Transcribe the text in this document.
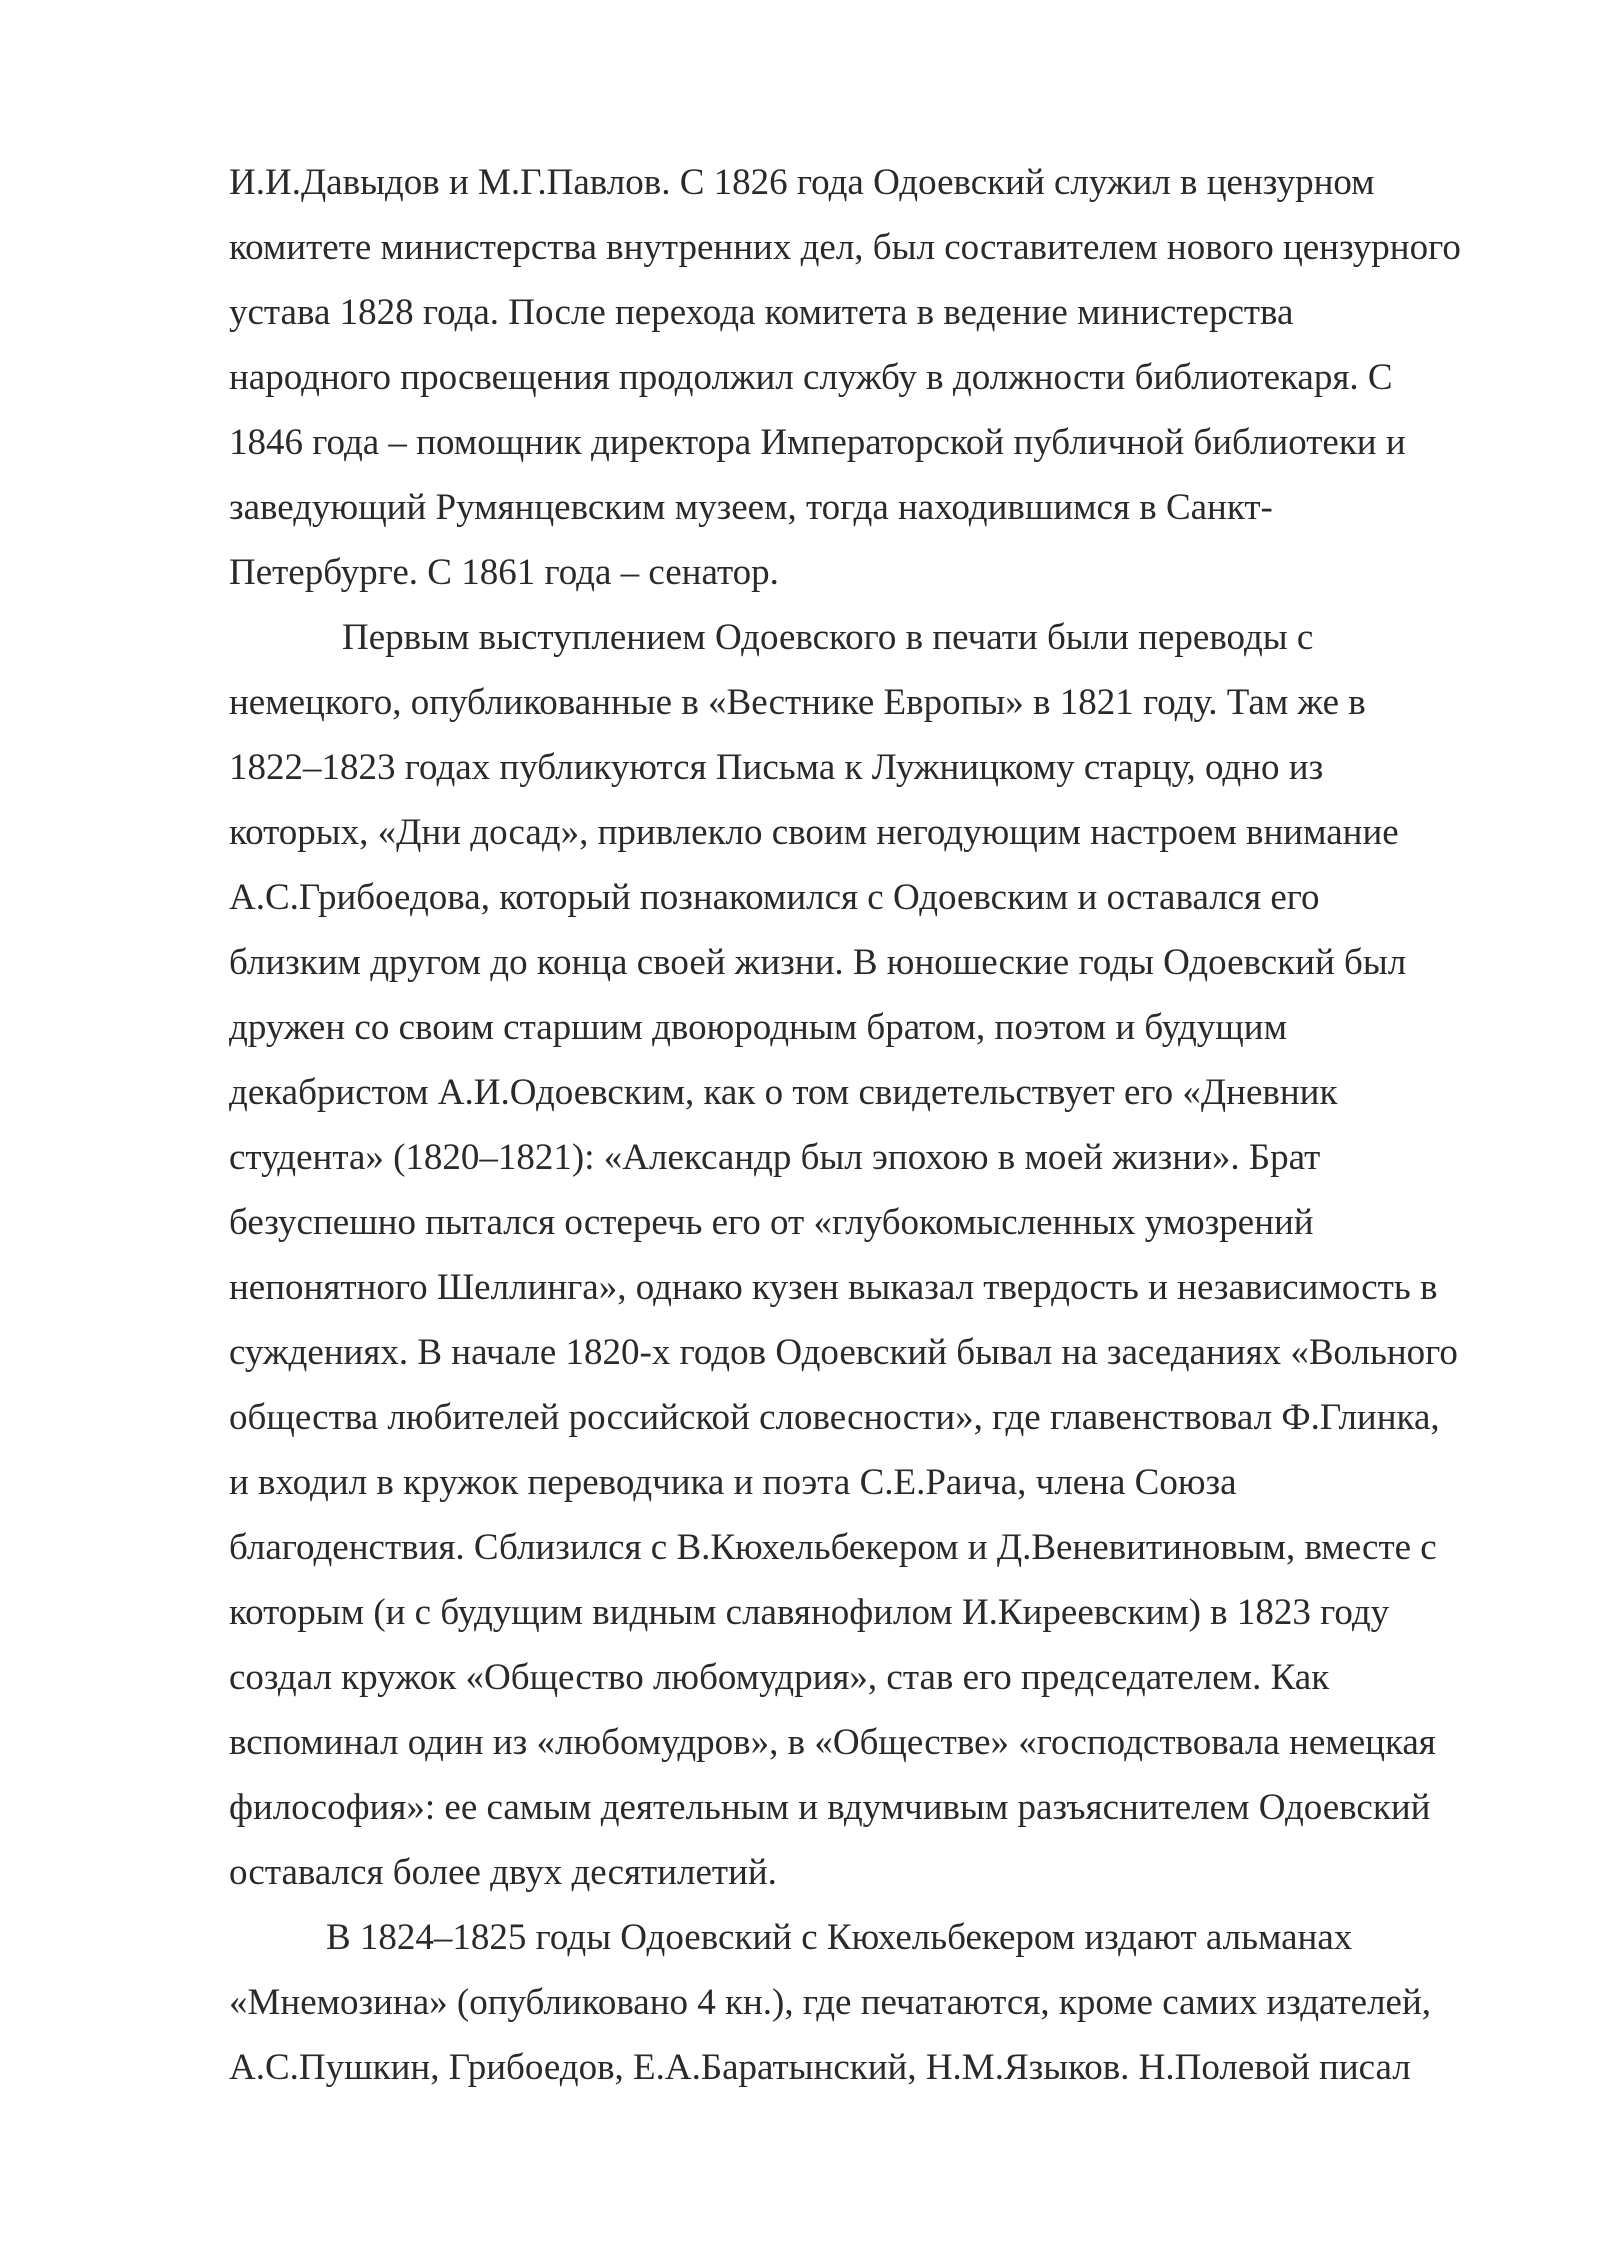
И.И.Давыдов и М.Г.Павлов. С 1826 года Одоевский служил в цензурном
комитете министерства внутренних дел, был составителем нового цензурного
устава 1828 года. После перехода комитета в ведение министерства
народного просвещения продолжил службу в должности библиотекаря. С
1846 года – помощник директора Императорской публичной библиотеки и
заведующий Румянцевским музеем, тогда находившимся в Санкт-
Петербурге. С 1861 года – сенатор.
Первым выступлением Одоевского в печати были переводы с
немецкого, опубликованные в «Вестнике Европы» в 1821 году. Там же в
1822–1823 годах публикуются Письма к Лужницкому старцу, одно из
которых, «Дни досад», привлекло своим негодующим настроем внимание
А.С.Грибоедова, который познакомился с Одоевским и оставался его
близким другом до конца своей жизни. В юношеские годы Одоевский был
дружен со своим старшим двоюродным братом, поэтом и будущим
декабристом А.И.Одоевским, как о том свидетельствует его «Дневник
студента» (1820–1821): «Александр был эпохою в моей жизни». Брат
безуспешно пытался остеречь его от «глубокомысленных умозрений
непонятного Шеллинга», однако кузен выказал твердость и независимость в
суждениях. В начале 1820-х годов Одоевский бывал на заседаниях «Вольного
общества любителей российской словесности», где главенствовал Ф.Глинка,
и входил в кружок переводчика и поэта С.Е.Раича, члена Союза
благоденствия. Сблизился с В.Кюхельбекером и Д.Веневитиновым, вместе с
которым (и с будущим видным славянофилом И.Киреевским) в 1823 году
создал кружок «Общество любомудрия», став его председателем. Как
вспоминал один из «любомудров», в «Обществе» «господствовала немецкая
философия»: ее самым деятельным и вдумчивым разъяснителем Одоевский
оставался более двух десятилетий.
В 1824–1825 годы Одоевский с Кюхельбекером издают альманах
«Мнемозина» (опубликовано 4 кн.), где печатаются, кроме самих издателей,
А.С.Пушкин, Грибоедов, Е.А.Баратынский, Н.М.Языков. Н.Полевой писал
